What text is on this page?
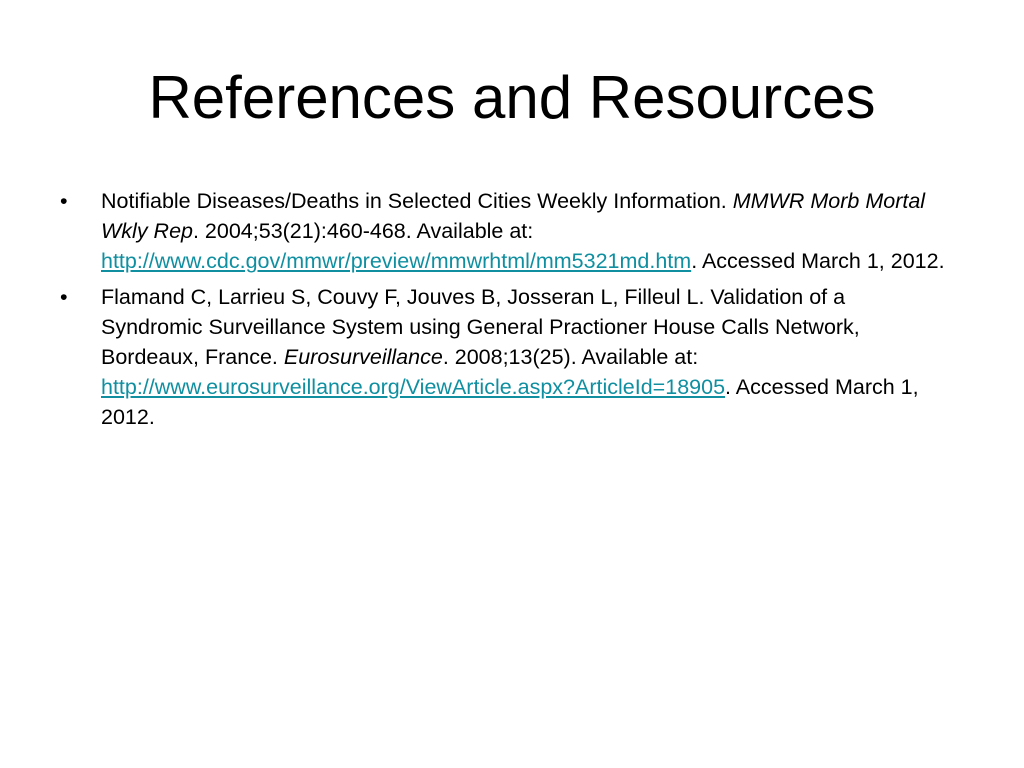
References and Resources
• Notifiable Diseases/Deaths in Selected Cities Weekly Information. MMWR Morb Mortal Wkly Rep. 2004;53(21):460-468. Available at: http://www.cdc.gov/mmwr/preview/mmwrhtml/mm5321md.htm. Accessed March 1, 2012.
• Flamand C, Larrieu S, Couvy F, Jouves B, Josseran L, Filleul L. Validation of a Syndromic Surveillance System using General Practioner House Calls Network, Bordeaux, France. Eurosurveillance. 2008;13(25). Available at: http://www.eurosurveillance.org/ViewArticle.aspx?ArticleId=18905. Accessed March 1, 2012.
